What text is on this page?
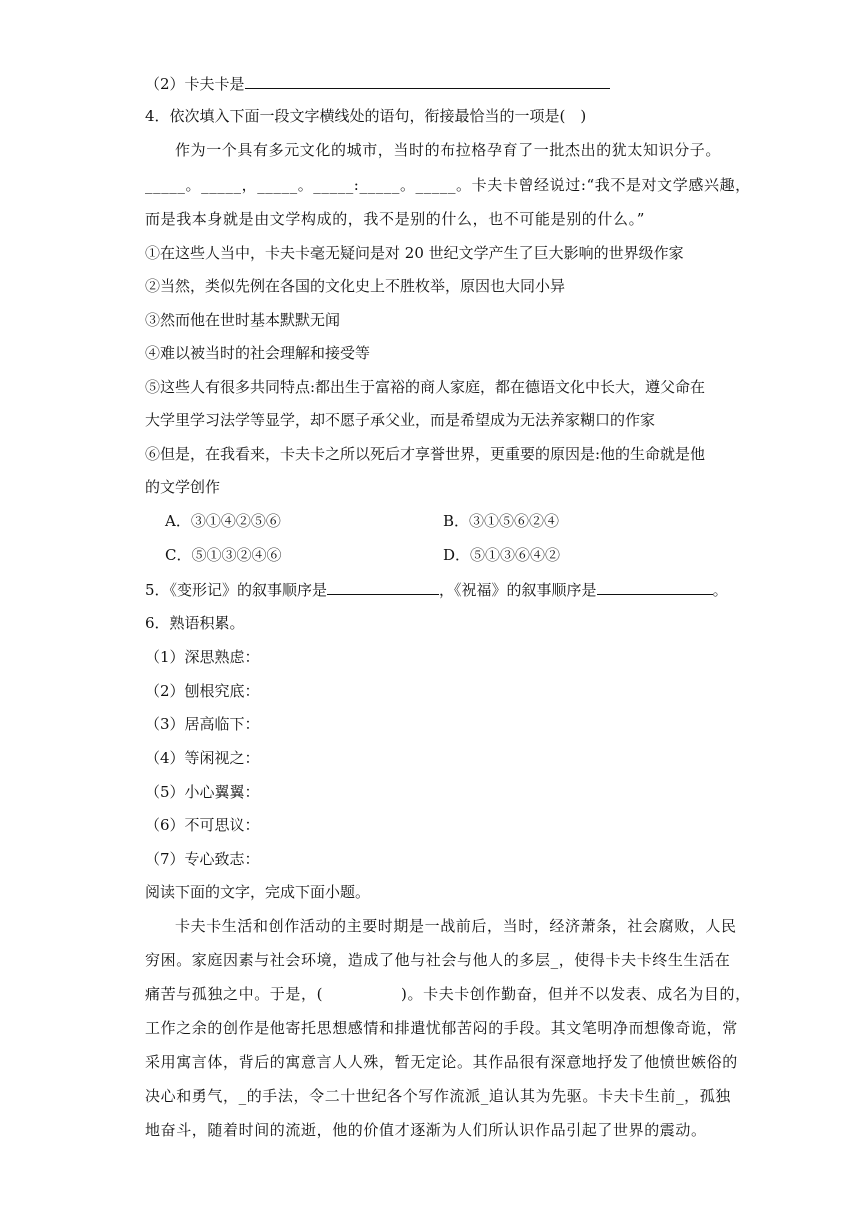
（2）卡夫卡是
4．依次填入下面一段文字横线处的语句，衔接最恰当的一项是(　)
作为一个具有多元文化的城市，当时的布拉格孕育了一批杰出的犹太知识分子。
_____。_____，_____。_____:_____。_____。卡夫卡曾经说过:“我不是对文学感兴趣，
而是我本身就是由文学构成的，我不是别的什么，也不可能是别的什么。”
①在这些人当中，卡夫卡毫无疑问是对 20 世纪文学产生了巨大影响的世界级作家
②当然，类似先例在各国的文化史上不胜枚举，原因也大同小异
③然而他在世时基本默默无闻
④难以被当时的社会理解和接受等
⑤这些人有很多共同特点:都出生于富裕的商人家庭，都在德语文化中长大，遵父命在
大学里学习法学等显学，却不愿子承父业，而是希望成为无法养家糊口的作家
⑥但是，在我看来，卡夫卡之所以死后才享誉世界，更重要的原因是:他的生命就是他
的文学创作
A．③①④②⑤⑥	B．③①⑤⑥②④
C．⑤①③②④⑥	D．⑤①③⑥④②
5．《变形记》的叙事顺序是	，《祝福》的叙事顺序是	。
6．熟语积累。
（1）深思熟虑：
（2）刨根究底：
（3）居高临下：
（4）等闲视之：
（5）小心翼翼：
（6）不可思议：
（7）专心致志：
阅读下面的文字，完成下面小题。
卡夫卡生活和创作活动的主要时期是一战前后，当时，经济萧条，社会腐败，人民
穷困。家庭因素与社会环境，造成了他与社会与他人的多层_，使得卡夫卡终生生活在
痛苦与孤独之中。于是，(　　　　　)。卡夫卡创作勤奋，但并不以发表、成名为目的，
工作之余的创作是他寄托思想感情和排遣忧郁苦闷的手段。其文笔明净而想像奇诡，常
采用寓言体，背后的寓意言人人殊，暂无定论。其作品很有深意地抒发了他愤世嫉俗的
决心和勇气，_的手法，令二十世纪各个写作流派_追认其为先驱。卡夫卡生前_，孤独
地奋斗，随着时间的流逝，他的价值才逐渐为人们所认识作品引起了世界的震动。
